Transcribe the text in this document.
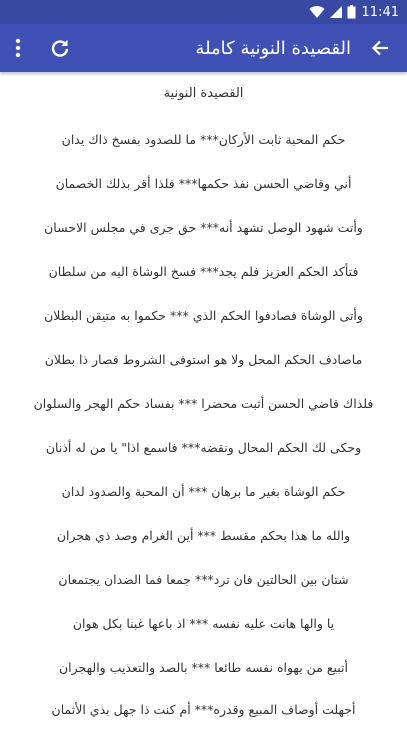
11:41
القصيدة النونية كاملة
القصيدة النونية
حكم المحبة ثابت الأركان*** ما للصدود بفسخ ذاك يدان
أني وقاضي الحسن نفذ حكمها*** فلذا أقر بذلك الخصمان
وأتت شهود الوصل تشهد أنه*** حق جرى في مجلس الاحسان
فتأكد الحكم العزيز فلم يجد*** فسخ الوشاة اليه من سلطان
وأتى الوشاة فصادفوا الحكم الذي *** حكموا به متيقن البطلان
ماصادف الحكم المحل ولا هو استوفى الشروط فصار ذا بطلان
فلذاك قاضي الحسن أثبت محضرا *** بفساد حكم الهجر والسلوان
وحكى لك الحكم المحال ونقضه*** فاسمع اذا" يا من له أذنان
حكم الوشاة بغير ما برهان *** أن المحبة والصدود لدان
والله ما هذا بحكم مقسط *** أين الغرام وصد ذي هجران
شتان بين الحالتين فان ترد*** جمعا فما الضدان يجتمعان
يا والها هانت عليه نفسه *** اذ باعها غبنا بكل هوان
أتبيع من يهواه نفسه طائعا *** بالصد والتعذيب والهجران
أجهلت أوصاف المبيع وقدره*** أم كنت ذا جهل بذي الأثمان
